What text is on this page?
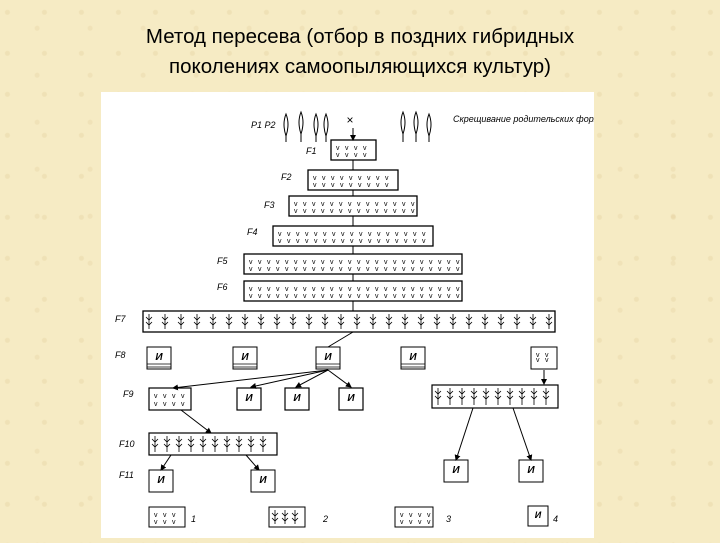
Метод пересева (отбор в поздних гибридных
поколениях самоопыляющихся культур)
P1 P2	×	Скрещивание родительских форм
F1
F2
F3
F4
F5
F6
F7
F8
F9
F10
F11
И	И	И	И
И	И	И
И	И
И	И
1	2	3	И 4
v v v v
v v v v
v v v v v v v v v
v v v v v v v v v
v v v v v v v v v v v v v v
v v v v v v v v v v v v v v
v v v v v v v v v v v v v v v v v
v v v v v v v v v v v v v v v v v
v v v v v v v v v v v v v v v v v v v v v v v v
v v v v v v v v v v v v v v v v v v v v v v v v
v v v v v v v v v v v v v v v v v v v v v v v v
v v v v v v v v v v v v v v v v v v v v v v v v
v v
v v
v v v v
v v v v
v v v
v v v
v v v v
v v v v
